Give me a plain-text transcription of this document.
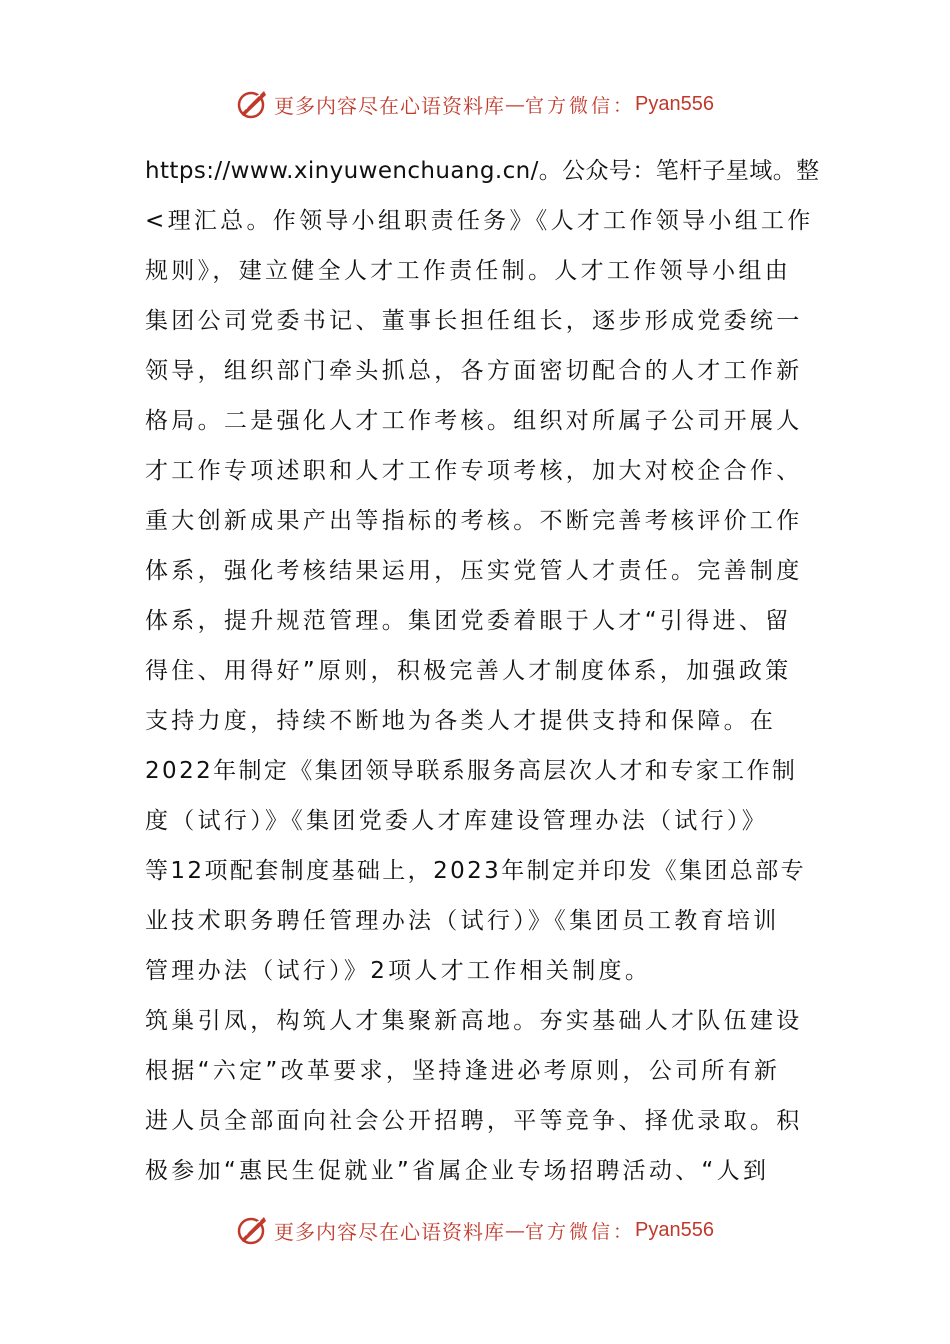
更多内容尽在心语资料库 — 官方微信： Pyan556
https://www.xinyuwenchuang.cn/。公众号：笔杆子星域。整
<理汇总。作领导小组职责任务》《人才工作领导小组工作
规则》，建立健全人才工作责任制。人才工作领导小组由
集团公司党委书记、董事长担任组长，逐步形成党委统一
领导，组织部门牵头抓总，各方面密切配合的人才工作新
格局。二是强化人才工作考核。组织对所属子公司开展人
才工作专项述职和人才工作专项考核，加大对校企合作、
重大创新成果产出等指标的考核。不断完善考核评价工作
体系，强化考核结果运用，压实党管人才责任。完善制度
体系，提升规范管理。集团党委着眼于人才“引得进、留
得住、用得好”原则，积极完善人才制度体系，加强政策
支持力度，持续不断地为各类人才提供支持和保障。在
2022年制定《集团领导联系服务高层次人才和专家工作制
度（试行）》《集团党委人才库建设管理办法（试行）》
等12项配套制度基础上，2023年制定并印发《集团总部专
业技术职务聘任管理办法（试行）》《集团员工教育培训
管理办法（试行）》2项人才工作相关制度。
筑巢引凤，构筑人才集聚新高地。夯实基础人才队伍建设
根据“六定”改革要求，坚持逢进必考原则，公司所有新
进人员全部面向社会公开招聘，平等竞争、择优录取。积
极参加“惠民生促就业”省属企业专场招聘活动、“人到
更多内容尽在心语资料库 — 官方微信： Pyan556
